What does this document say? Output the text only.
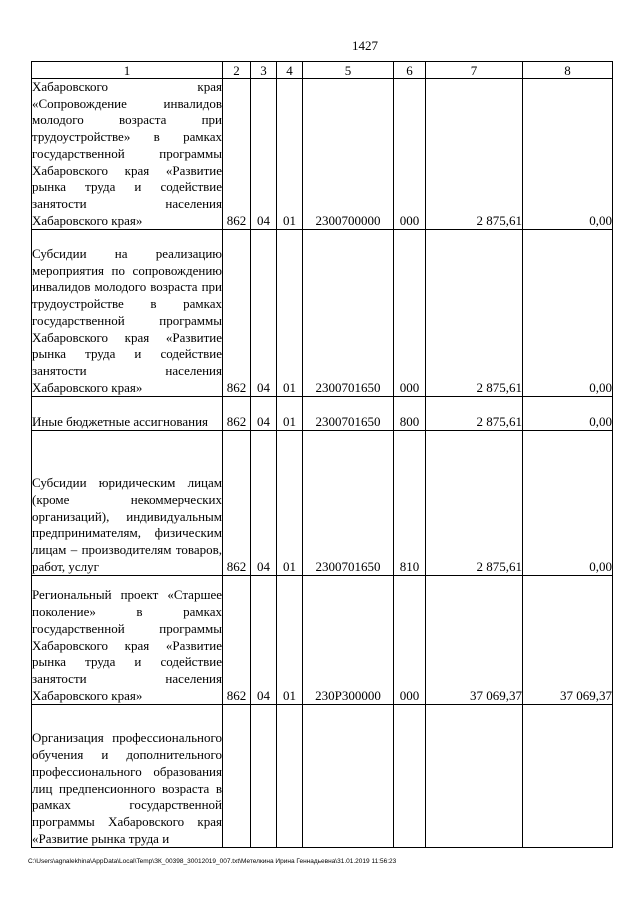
1427
1	2	3	4	5	6	7	8
Хабаровского края «Сопровождение инвалидов молодого возраста при трудоустройстве» в рамках государственной программы Хабаровского края «Развитие рынка труда и содействие занятости населения Хабаровского края»	862	04	01	2300700000	000	2 875,61	0,00
Субсидии на реализацию мероприятия по сопровождению инвалидов молодого возраста при трудоустройстве в рамках государственной программы Хабаровского края «Развитие рынка труда и содействие занятости населения Хабаровского края»	862	04	01	2300701650	000	2 875,61	0,00
Иные бюджетные ассигнования	862	04	01	2300701650	800	2 875,61	0,00
Субсидии юридическим лицам (кроме некоммерческих организаций), индивидуальным предпринимателям, физическим лицам – производителям товаров, работ, услуг	862	04	01	2300701650	810	2 875,61	0,00
Региональный проект «Старшее поколение» в рамках государственной программы Хабаровского края «Развитие рынка труда и содействие занятости населения Хабаровского края»	862	04	01	230P300000	000	37 069,37	37 069,37
Организация профессионального обучения и дополнительного профессионального образования лиц предпенсионного возраста в рамках государственной программы Хабаровского края «Развитие рынка труда и							
C:\Users\agnalekhina\AppData\Local\Temp\ЗК_00398_30012019_007.txt\Метелкина Ирина Геннадьевна\31.01.2019 11:56:23
